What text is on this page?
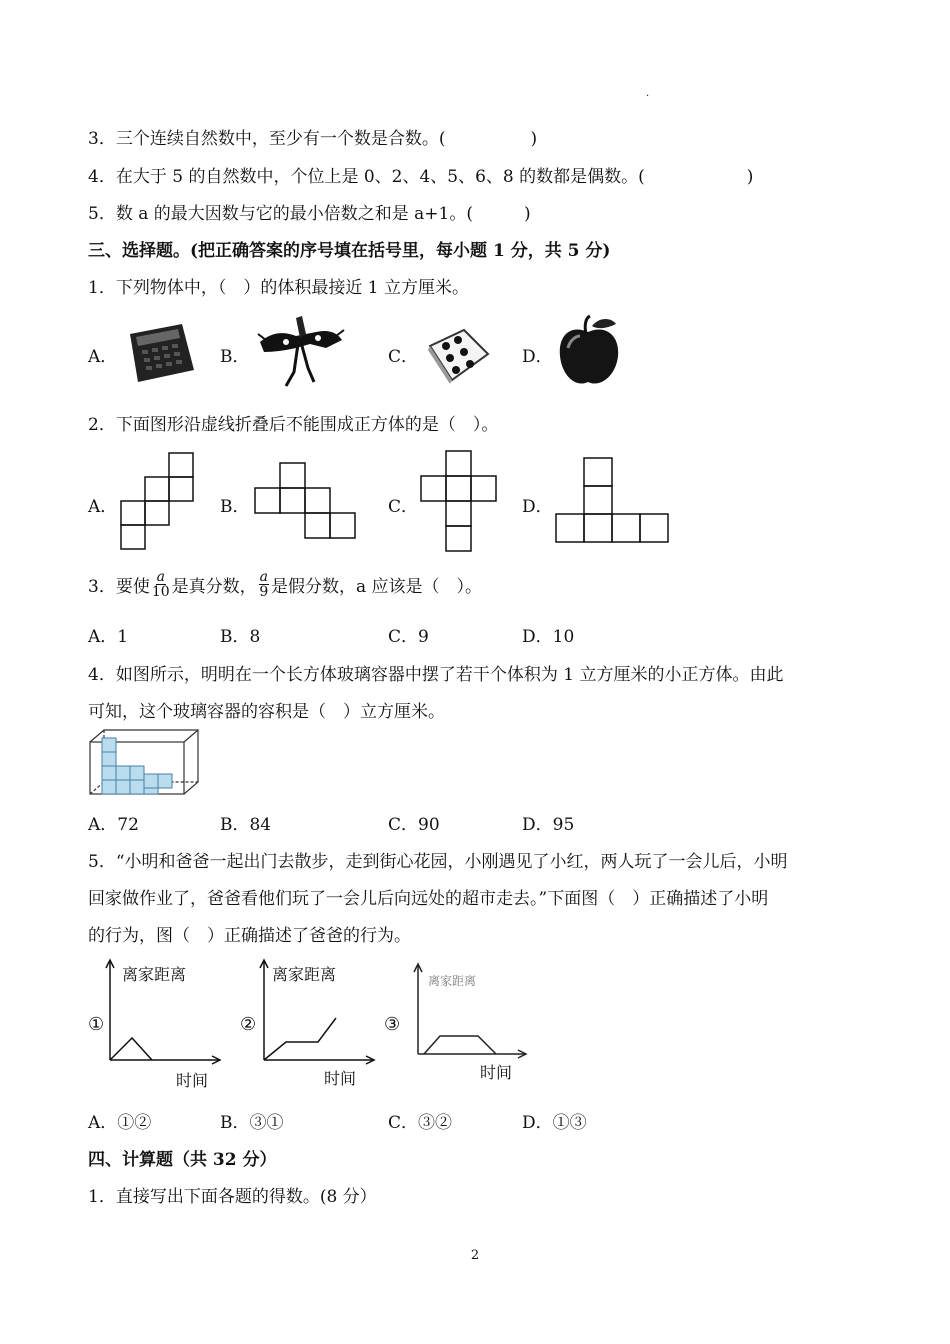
.
3．三个连续自然数中，至少有一个数是合数。(　　　　　)
4．在大于 5 的自然数中，个位上是 0、2、4、5、6、8 的数都是偶数。(　　　　　　)
5．数 a 的最大因数与它的最小倍数之和是 a+1。(　　　)
三、选择题。(把正确答案的序号填在括号里，每小题 1 分，共 5 分)
1．下列物体中，（　）的体积最接近 1 立方厘米。
A．	B．	C．	D．
2．下面图形沿虚线折叠后不能围成正方体的是（　）。
A．	B．	C．	D．
3．要使 $\frac{a}{10}$ 是真分数， $\frac{a}{9}$ 是假分数，a 应该是（　）。
A．1	B．8	C．9	D．10
4．如图所示，明明在一个长方体玻璃容器中摆了若干个体积为 1 立方厘米的小正方体。由此
可知，这个玻璃容器的容积是（　）立方厘米。
A．72	B．84	C．90	D．95
5．“小明和爸爸一起出门去散步，走到街心花园，小刚遇见了小红，两人玩了一会儿后，小明
回家做作业了，爸爸看他们玩了一会儿后向远处的超市走去。”下面图（　）正确描述了小明
的行为，图（　）正确描述了爸爸的行为。
①
离家距离
时间
②
离家距离
时间
③
离家距离
时间
A．①②	B．③①	C．③②	D．①③
四、计算题（共 32 分）
1．直接写出下面各题的得数。(8 分）
2
